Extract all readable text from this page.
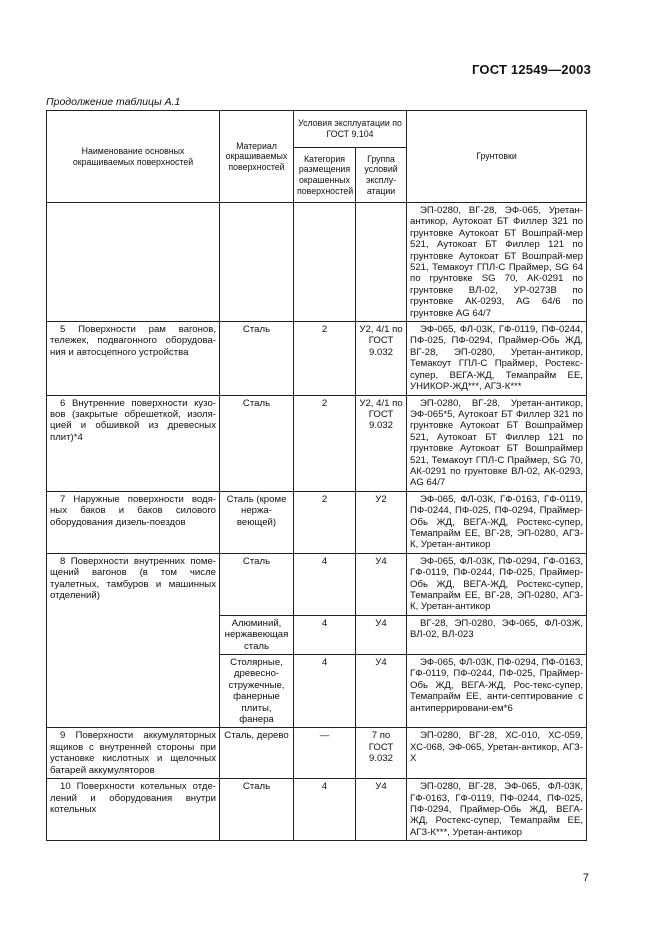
ГОСТ 12549—2003
Продолжение таблицы А.1
Наименование основных окрашиваемых поверхностей	Материал окрашиваемых поверхностей	Условия эксплуатации по ГОСТ 9.104		Грунтовки
		Категория размещения окрашенных поверхностей	Группа условий эксплу-атации	
				ЭП-0280, ВГ-28, ЭФ-065, Уретан-антикор, Аутокоат БТ Филлер 321 по грунтовке Аутокоат БТ Вошпрай-мер 521, Аутокоат БТ Филлер 121 по грунтовке Аутокоат БТ Вошпрай-мер 521, Темакоут ГПЛ-С Праймер, SG 64 по грунтовке SG 70, АК-0291 по грунтовке ВЛ-02, УР-0273В по грунтовке АК-0293, AG 64/6 по грунтовке AG 64/7
5 Поверхности рам вагонов, тележек, подвагонного оборудова-ния и автосцепного устройства	Сталь	2	У2, 4/1 по ГОСТ 9.032	ЭФ-065, ФЛ-03К, ГФ-0119, ПФ-0244, ПФ-025, ПФ-0294, Праймер-Обь ЖД, ВГ-28, ЭП-0280, Уретан-антикор, Темакоут ГПЛ-С Праймер, Ростекс-супер, ВЕГА-ЖД, Темапрайм ЕЕ, УНИКОР-ЖД***, АГЗ-К***
6 Внутренние поверхности кузо-вов (закрытые обрешеткой, изоля-цией и обшивкой из древесных плит)*4	Сталь	2	У2, 4/1 по ГОСТ 9.032	ЭП-0280, ВГ-28, Уретан-антикор, ЭФ-065*5, Аутокоат БТ Филлер 321 по грунтовке Аутокоат БТ Вошпраймер 521, Аутокоат БТ Филлер 121 по грунтовке Аутокоат БТ Вошпраймер 521, Темакоут ГПЛ-С Праймер, SG 70, АК-0291 по грунтовке ВЛ-02, АК-0293, AG 64/7
7 Наружные поверхности водя-ных баков и баков силового оборудования дизель-поездов	Сталь (кроме нержа-веющей)	2	У2	ЭФ-065, ФЛ-03К, ГФ-0163, ГФ-0119, ПФ-0244, ПФ-025, ПФ-0294, Праймер-Обь ЖД, ВЕГА-ЖД, Ростекс-супер, Темапрайм ЕЕ, ВГ-28, ЭП-0280, АГЗ-К, Уретан-антикор
8 Поверхности внутренних поме-щений вагонов (в том числе туалетных, тамбуров и машинных отделений)	Сталь	4	У4	ЭФ-065, ФЛ-03К, ПФ-0294, ГФ-0163, ГФ-0119, ПФ-0244, ПФ-025, Праймер-Обь ЖД, ВЕГА-ЖД, Ростекс-супер, Темапрайм ЕЕ, ВГ-28, ЭП-0280, АГЗ-К, Уретан-антикор
	Алюминий, нержавеющая сталь	4	У4	ВГ-28, ЭП-0280, ЭФ-065, ФЛ-03Ж, ВЛ-02, ВЛ-023
	Столярные, древесно-стружечные, фанерные плиты, фанера	4	У4	ЭФ-065, ФЛ-03К, ПФ-0294, ПФ-0163, ГФ-0119, ПФ-0244, ПФ-025, Праймер-Обь ЖД, ВЕГА-ЖД, Рос-текс-супер, Темапрайм ЕЕ, анти-септирование с антиперрировани-ем*6
9 Поверхности аккумуляторных ящиков с внутренней стороны при установке кислотных и щелочных батарей аккумуляторов	Сталь, дерево	—	7 по ГОСТ 9.032	ЭП-0280, ВГ-28, ХС-010, ХС-059, ХС-068, ЭФ-065, Уретан-антикор, АГЗ-Х
10 Поверхности котельных отде-лений и оборудования внутри котельных	Сталь	4	У4	ЭП-0280, ВГ-28, ЭФ-065, ФЛ-03К, ГФ-0163, ГФ-0119, ПФ-0244, ПФ-025, ПФ-0294, Праймер-Обь ЖД, ВЕГА-ЖД, Ростекс-супер, Темапрайм ЕЕ, АГЗ-К***, Уретан-антикор
7
